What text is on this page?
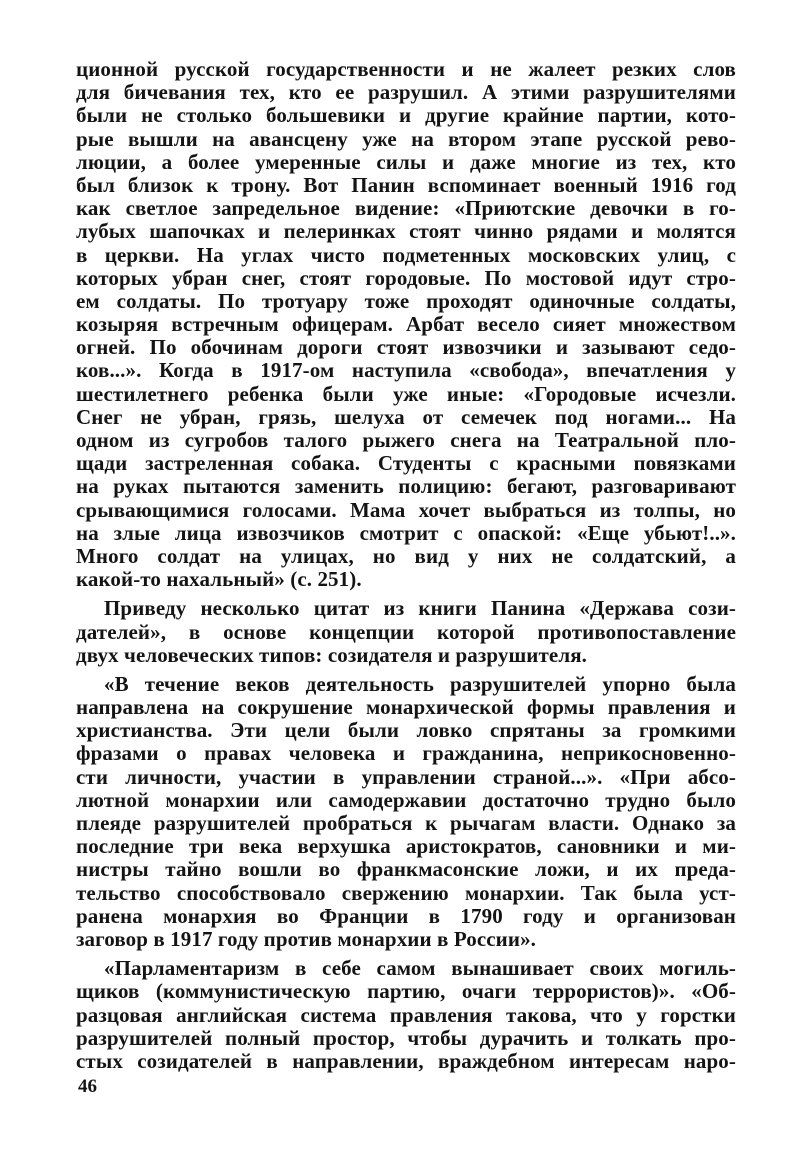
ционной русской государственности и не жалеет резких слов
для бичевания тех, кто ее разрушил. А этими разрушителями
были не столько большевики и другие крайние партии, кото-
рые вышли на авансцену уже на втором этапе русской рево-
люции, а более умеренные силы и даже многие из тех, кто
был близок к трону. Вот Панин вспоминает военный 1916 год
как светлое запредельное видение: «Приютские девочки в го-
лубых шапочках и пелеринках стоят чинно рядами и молятся
в церкви. На углах чисто подметенных московских улиц, с
которых убран снег, стоят городовые. По мостовой идут стро-
ем солдаты. По тротуару тоже проходят одиночные солдаты,
козыряя встречным офицерам. Арбат весело сияет множеством
огней. По обочинам дороги стоят извозчики и зазывают седо-
ков...». Когда в 1917-ом наступила «свобода», впечатления у
шестилетнего ребенка были уже иные: «Городовые исчезли.
Снег не убран, грязь, шелуха от семечек под ногами... На
одном из сугробов талого рыжего снега на Театральной пло-
щади застреленная собака. Студенты с красными повязками
на руках пытаются заменить полицию: бегают, разговаривают
срывающимися голосами. Мама хочет выбраться из толпы, но
на злые лица извозчиков смотрит с опаской: «Еще убьют!..».
Много солдат на улицах, но вид у них не солдатский, а
какой-то нахальный» (с. 251).
Приведу несколько цитат из книги Панина «Держава сози-
дателей», в основе концепции которой противопоставление
двух человеческих типов: созидателя и разрушителя.
«В течение веков деятельность разрушителей упорно была
направлена на сокрушение монархической формы правления и
христианства. Эти цели были ловко спрятаны за громкими
фразами о правах человека и гражданина, неприкосновенно-
сти личности, участии в управлении страной...». «При абсо-
лютной монархии или самодержавии достаточно трудно было
плеяде разрушителей пробраться к рычагам власти. Однако за
последние три века верхушка аристократов, сановники и ми-
нистры тайно вошли во франкмасонские ложи, и их преда-
тельство способствовало свержению монархии. Так была уст-
ранена монархия во Франции в 1790 году и организован
заговор в 1917 году против монархии в России».
«Парламентаризм в себе самом вынашивает своих могиль-
щиков (коммунистическую партию, очаги террористов)». «Об-
разцовая английская система правления такова, что у горстки
разрушителей полный простор, чтобы дурачить и толкать про-
стых созидателей в направлении, враждебном интересам наро-
46
